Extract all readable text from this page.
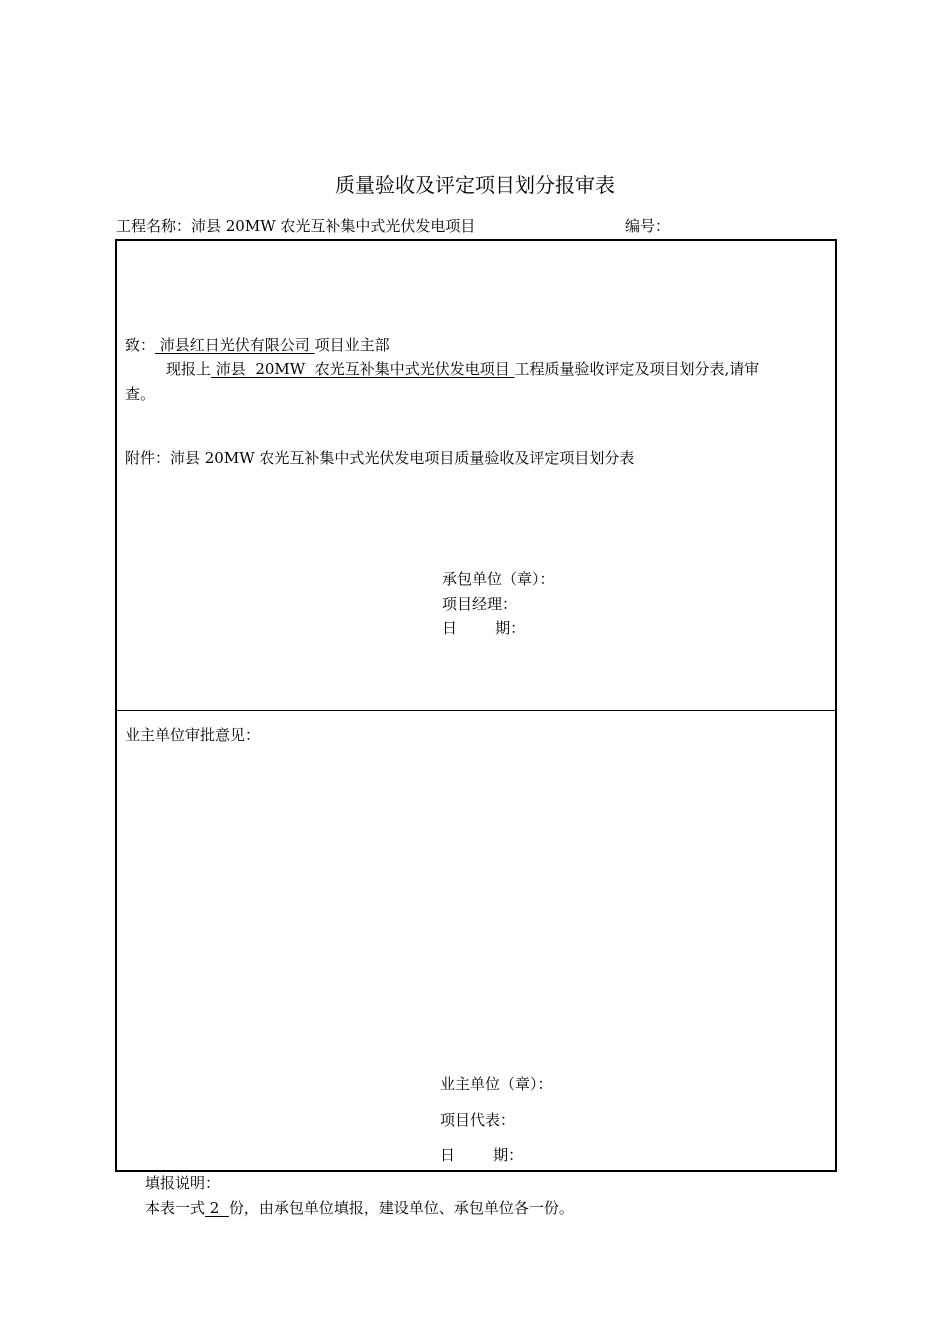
质量验收及评定项目划分报审表
工程名称：沛县 20MW 农光互补集中式光伏发电项目	编号：
致： 沛县红日光伏有限公司 项目业主部
现报上 沛县  20MW  农光互补集中式光伏发电项目 工程质量验收评定及项目划分表,请审
查。
附件：沛县 20MW 农光互补集中式光伏发电项目质量验收及评定项目划分表
承包单位（章）：
项目经理：
日        期：
业主单位审批意见：
业主单位（章）：
项目代表：
日        期：
填报说明：
本表一式 2  份，由承包单位填报，建设单位、承包单位各一份。
